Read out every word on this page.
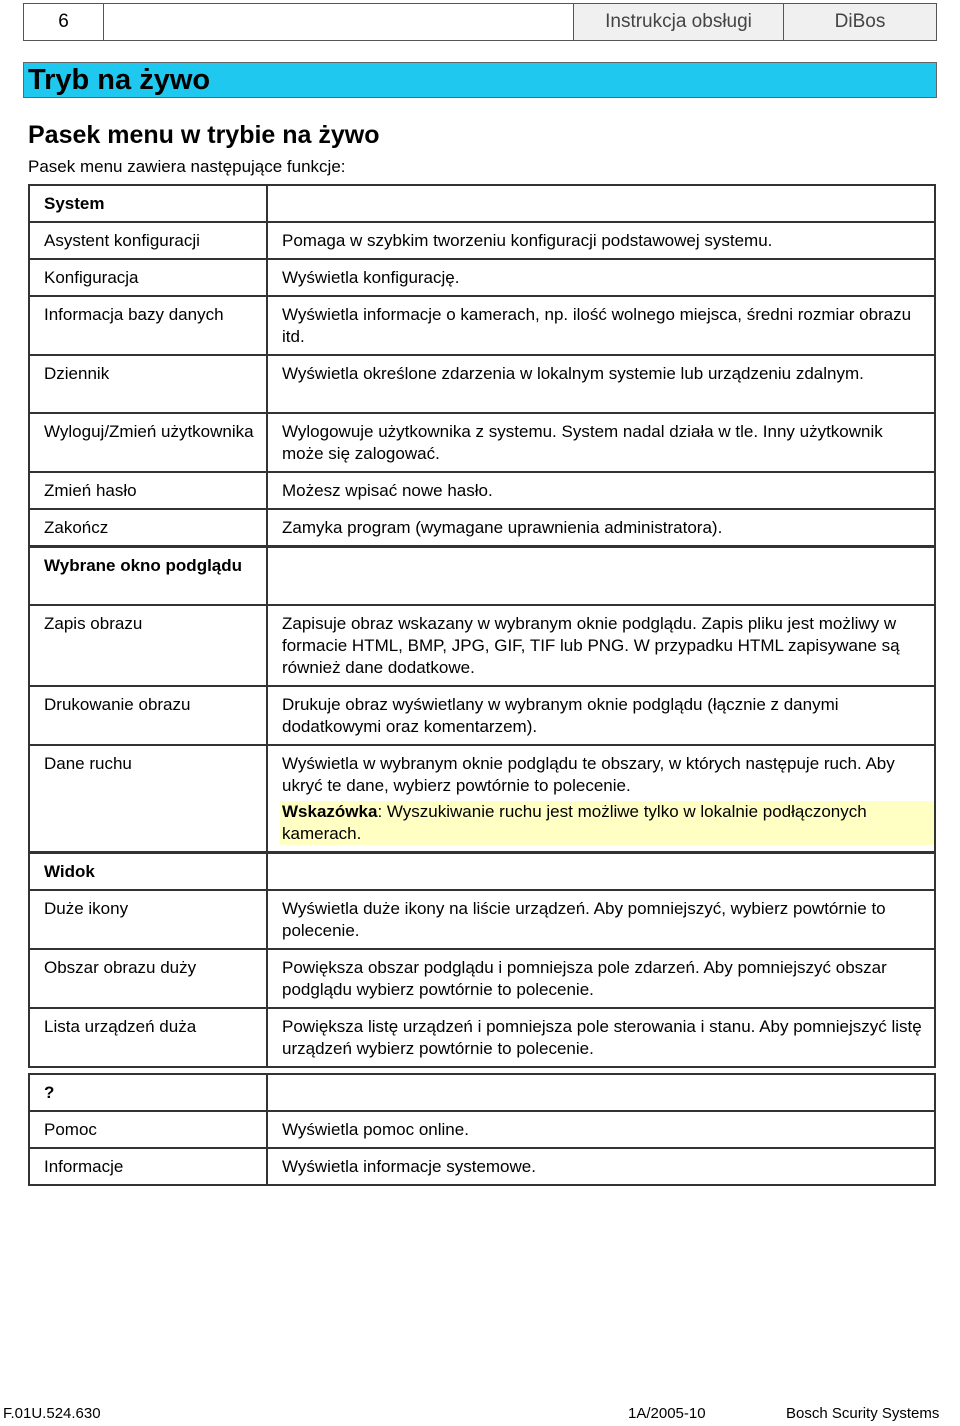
6	Instrukcja obsługi	DiBos
Tryb na żywo
Pasek menu w trybie na żywo
Pasek menu zawiera następujące funkcje:
System	
Asystent konfiguracji	Pomaga w szybkim tworzeniu konfiguracji podstawowej systemu.
Konfiguracja	Wyświetla konfigurację.
Informacja bazy danych	Wyświetla informacje o kamerach, np. ilość wolnego miejsca, średni rozmiar obrazu itd.
Dziennik	Wyświetla określone zdarzenia w lokalnym systemie lub urządzeniu zdalnym.
Wyloguj/Zmień użytkownika	Wylogowuje użytkownika z systemu. System nadal działa w tle. Inny użytkownik może się zalogować.
Zmień hasło	Możesz wpisać nowe hasło.
Zakończ	Zamyka program (wymagane uprawnienia administratora).
Wybrane okno podglądu	
Zapis obrazu	Zapisuje obraz wskazany w wybranym oknie podglądu. Zapis pliku jest możliwy w formacie HTML, BMP, JPG, GIF, TIF lub PNG. W przypadku HTML zapisywane są również dane dodatkowe.
Drukowanie obrazu	Drukuje obraz wyświetlany w wybranym oknie podglądu (łącznie z danymi dodatkowymi oraz komentarzem).
Dane ruchu	Wyświetla w wybranym oknie podglądu te obszary, w których następuje ruch. Aby ukryć te dane, wybierz powtórnie to polecenie.
Wskazówka: Wyszukiwanie ruchu jest możliwe tylko w lokalnie podłączonych kamerach.
Widok	
Duże ikony	Wyświetla duże ikony na liście urządzeń. Aby pomniejszyć, wybierz powtórnie to polecenie.
Obszar obrazu duży	Powiększa obszar podglądu i pomniejsza pole zdarzeń. Aby pomniejszyć obszar podglądu wybierz powtórnie to polecenie.
Lista urządzeń duża	Powiększa listę urządzeń i pomniejsza pole sterowania i stanu. Aby pomniejszyć listę urządzeń wybierz powtórnie to polecenie.
?	
Pomoc	Wyświetla pomoc online.
Informacje	Wyświetla informacje systemowe.
F.01U.524.630	1A/2005-10	Bosch Scurity Systems
